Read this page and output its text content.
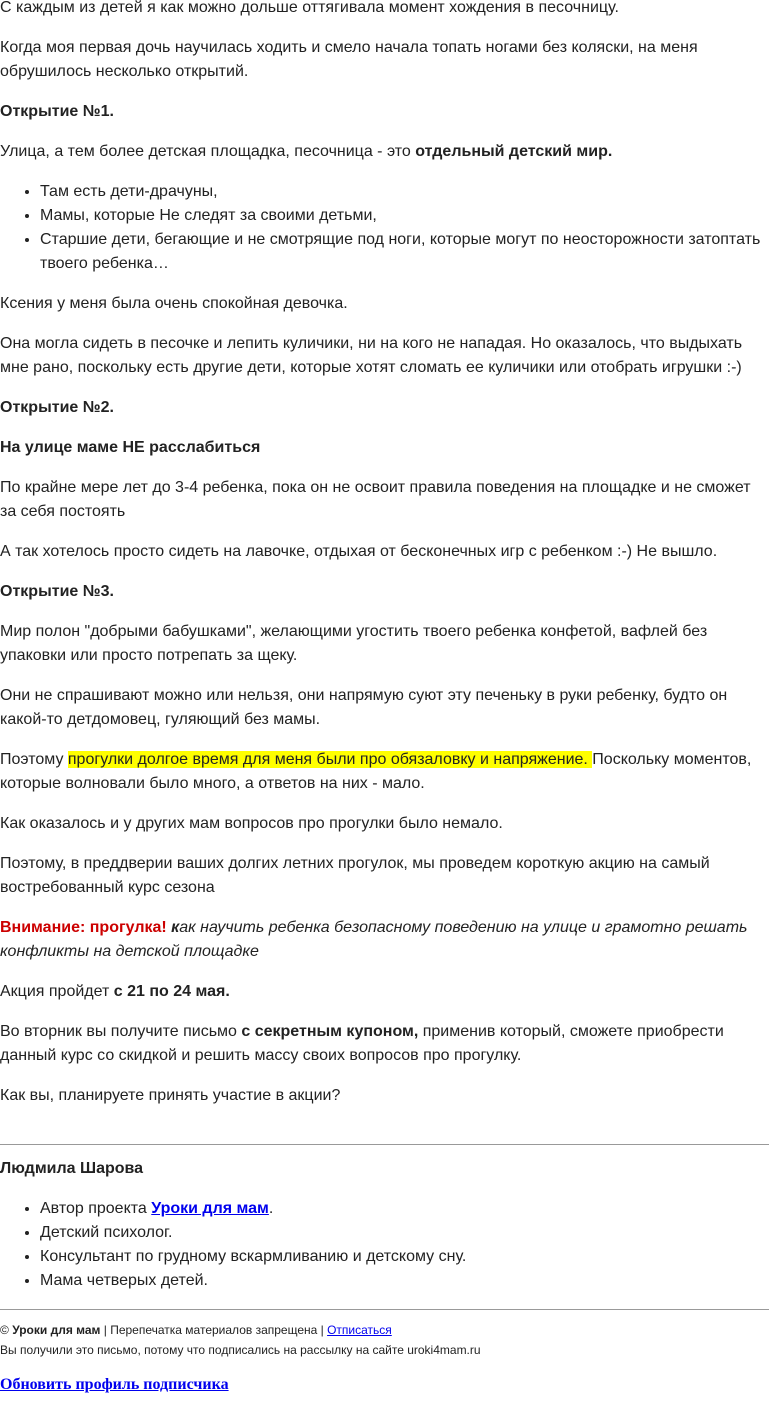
С каждым из детей я как можно дольше оттягивала момент хождения в песочницу.

Когда моя первая дочь научилась ходить и смело начала топать ногами без коляски, на меня обрушилось несколько открытий.

Открытие №1.

Улица, а тем более детская площадка, песочница - это отдельный детский мир.

• Там есть дети-драчуны,
• Мамы, которые Не следят за своими детьми,
• Старшие дети, бегающие и не смотрящие под ноги, которые могут по неосторожности затоптать твоего ребенка…

Ксения у меня была очень спокойная девочка.

Она могла сидеть в песочке и лепить куличики, ни на кого не нападая. Но оказалось, что выдыхать мне рано, поскольку есть другие дети, которые хотят сломать ее куличики или отобрать игрушки :-)

Открытие №2.

На улице маме НЕ расслабиться

По крайне мере лет до 3-4 ребенка, пока он не освоит правила поведения на площадке и не сможет за себя постоять

А так хотелось просто сидеть на лавочке, отдыхая от бесконечных игр с ребенком :-) Не вышло.

Открытие №3.

Мир полон "добрыми бабушками", желающими угостить твоего ребенка конфетой, вафлей без упаковки или просто потрепать за щеку.

Они не спрашивают можно или нельзя, они напрямую суют эту печеньку в руки ребенку, будто он какой-то детдомовец, гуляющий без мамы.

Поэтому прогулки долгое время для меня были про обязаловку и напряжение. Поскольку моментов, которые волновали было много, а ответов на них - мало.

Как оказалось и у других мам вопросов про прогулки было немало.

Поэтому, в преддверии ваших долгих летних прогулок, мы проведем короткую акцию на самый востребованный курс сезона

Внимание: прогулка! как научить ребенка безопасному поведению на улице и грамотно решать конфликты на детской площадке

Акция пройдет с 21 по 24 мая.

Во вторник вы получите письмо с секретным купоном, применив который, сможете приобрести данный курс со скидкой и решить массу своих вопросов про прогулку.

Как вы, планируете принять участие в акции?

Людмила Шарова

• Автор проекта Уроки для мам.
• Детский психолог.
• Консультант по грудному вскармливанию и детскому сну.
• Мама четверых детей.
© Уроки для мам | Перепечатка материалов запрещена | Отписаться
Вы получили это письмо, потому что подписались на рассылку на сайте uroki4mam.ru
Обновить профиль подписчика
